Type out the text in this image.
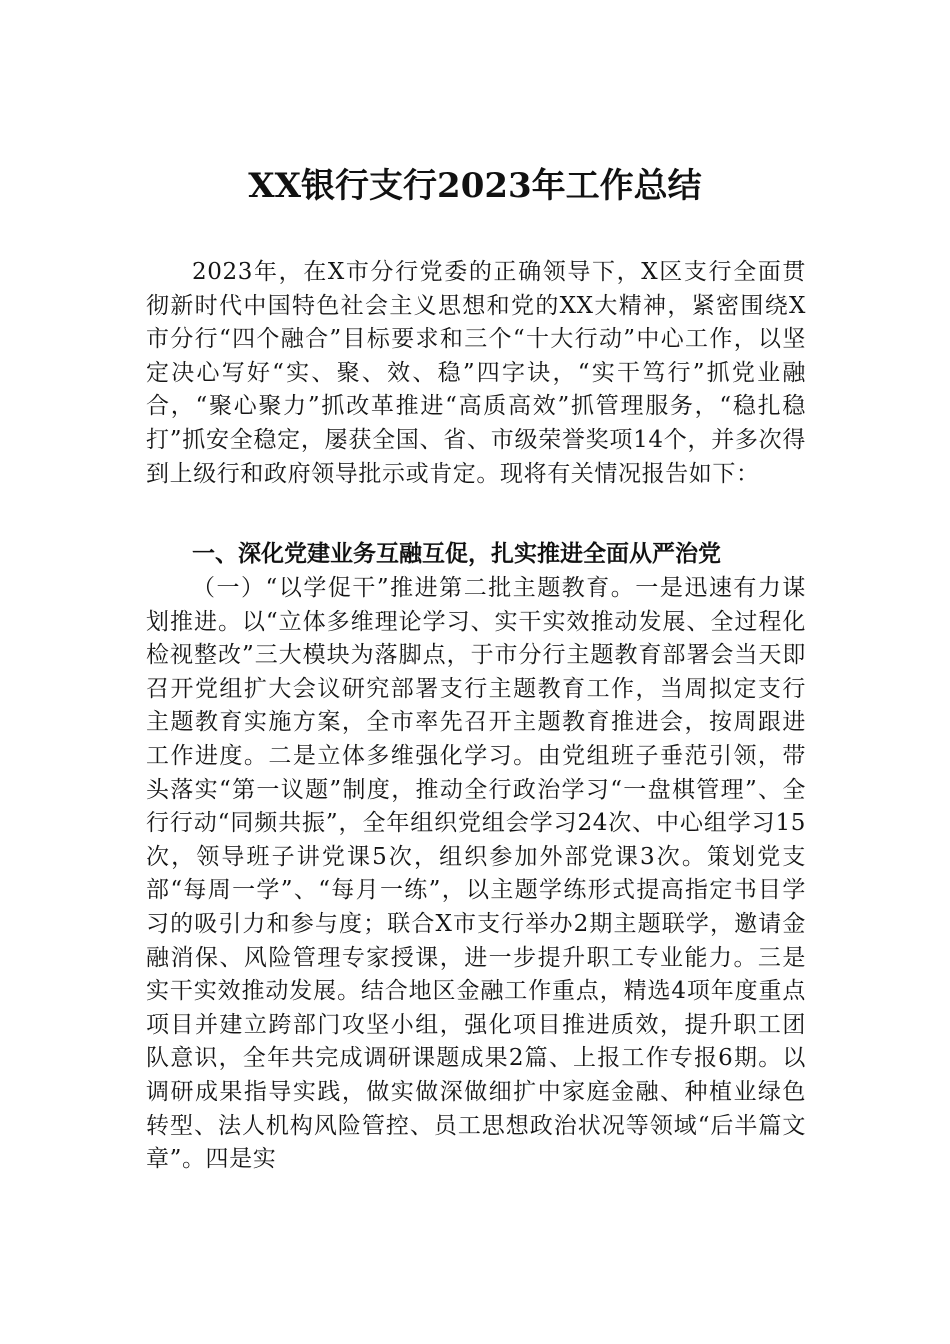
XX银行支行2023年工作总结

2023年，在X市分行党委的正确领导下，X区支行全面贯彻新时代中国特色社会主义思想和党的XX大精神，紧密围绕X市分行“四个融合”目标要求和三个“十大行动”中心工作，以坚定决心写好“实、聚、效、稳”四字诀，“实干笃行”抓党业融合，“聚心聚力”抓改革推进“高质高效”抓管理服务，“稳扎稳打”抓安全稳定，屡获全国、省、市级荣誉奖项14个，并多次得到上级行和政府领导批示或肯定。现将有关情况报告如下：

一、深化党建业务互融互促，扎实推进全面从严治党

（一）“以学促干”推进第二批主题教育。一是迅速有力谋划推进。以“立体多维理论学习、实干实效推动发展、全过程化检视整改”三大模块为落脚点，于市分行主题教育部署会当天即召开党组扩大会议研究部署支行主题教育工作，当周拟定支行主题教育实施方案，全市率先召开主题教育推进会，按周跟进工作进度。二是立体多维强化学习。由党组班子垂范引领，带头落实“第一议题”制度，推动全行政治学习“一盘棋管理”、全行行动“同频共振”，全年组织党组会学习24次、中心组学习15次，领导班子讲党课5次，组织参加外部党课3次。策划党支部“每周一学”、“每月一练”，以主题学练形式提高指定书目学习的吸引力和参与度；联合X市支行举办2期主题联学，邀请金融消保、风险管理专家授课，进一步提升职工专业能力。三是实干实效推动发展。结合地区金融工作重点，精选4项年度重点项目并建立跨部门攻坚小组，强化项目推进质效，提升职工团队意识，全年共完成调研课题成果2篇、上报工作专报6期。以调研成果指导实践，做实做深做细扩中家庭金融、种植业绿色转型、法人机构风险管控、员工思想政治状况等领域“后半篇文章”。四是实
